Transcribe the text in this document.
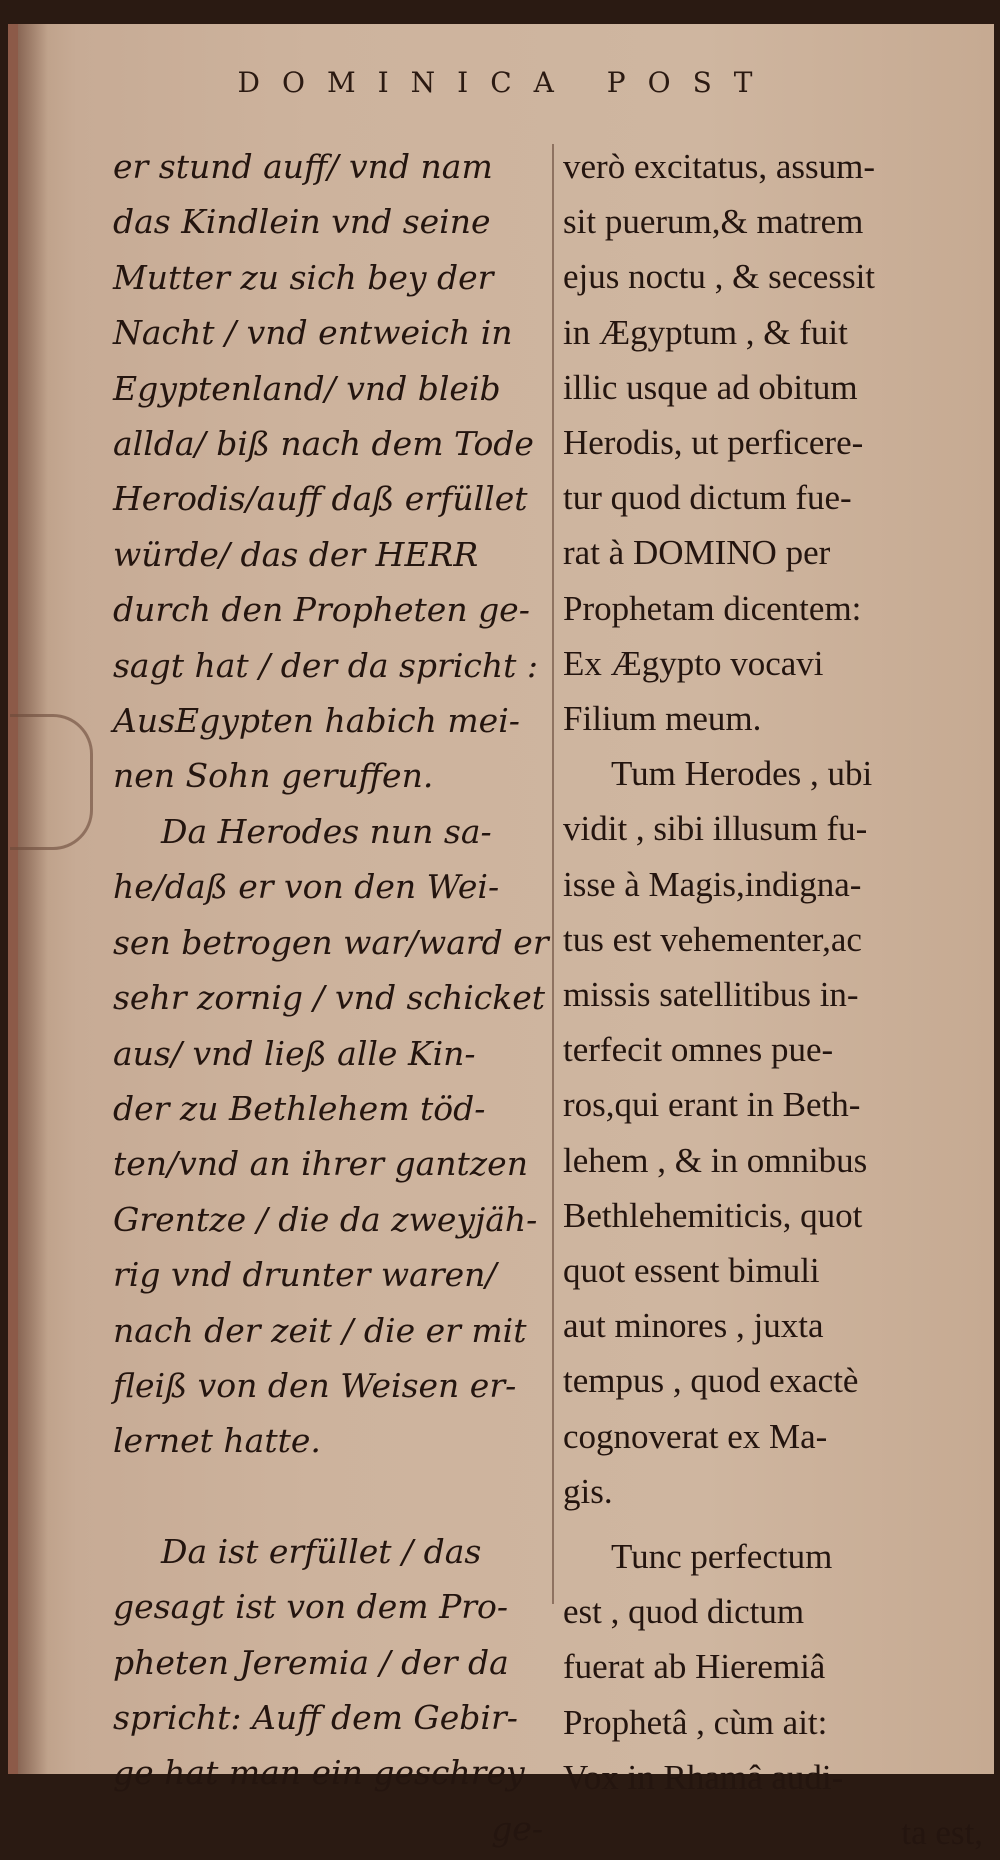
DOMINICA POST
er stund auff/ vnd nam
das Kindlein vnd seine
Mutter zu sich bey der
Nacht / vnd entweich in
Egyptenland/ vnd bleib
allda/ biß nach dem Tode
Herodis/auff daß erfüllet
würde/ das der HERR
durch den Propheten ge-
sagt hat / der da spricht :
AusEgypten habich mei-
nen Sohn geruffen.
Da Herodes nun sa-
he/daß er von den Wei-
sen betrogen war/ward er
sehr zornig / vnd schicket
aus/ vnd ließ alle Kin-
der zu Bethlehem töd-
ten/vnd an ihrer gantzen
Grentze / die da zweyjäh-
rig vnd drunter waren/
nach der zeit / die er mit
fleiß von den Weisen er-
lernet hatte.
Da ist erfüllet / das
gesagt ist von dem Pro-
pheten Jeremia / der da
spricht: Auff dem Gebir-
ge hat man ein geschrey
ge-
verò excitatus, assum-
sit puerum,& matrem
ejus noctu , & secessit
in Ægyptum , & fuit
illic usque ad obitum
Herodis, ut perficere-
tur quod dictum fue-
rat à DOMINO per
Prophetam dicentem:
Ex Ægypto vocavi
Filium meum.
Tum Herodes , ubi
vidit , sibi illusum fu-
isse à Magis,indigna-
tus est vehementer,ac
missis satellitibus in-
terfecit omnes pue-
ros,qui erant in Beth-
lehem , & in omnibus
Bethlehemiticis, quot
quot essent bimuli
aut minores , juxta
tempus , quod exactè
cognoverat ex Ma-
gis.
Tunc perfectum
est , quod dictum
fuerat ab Hieremiâ
Prophetâ , cùm ait:
Vox in Rhamâ audi-
ta est,
